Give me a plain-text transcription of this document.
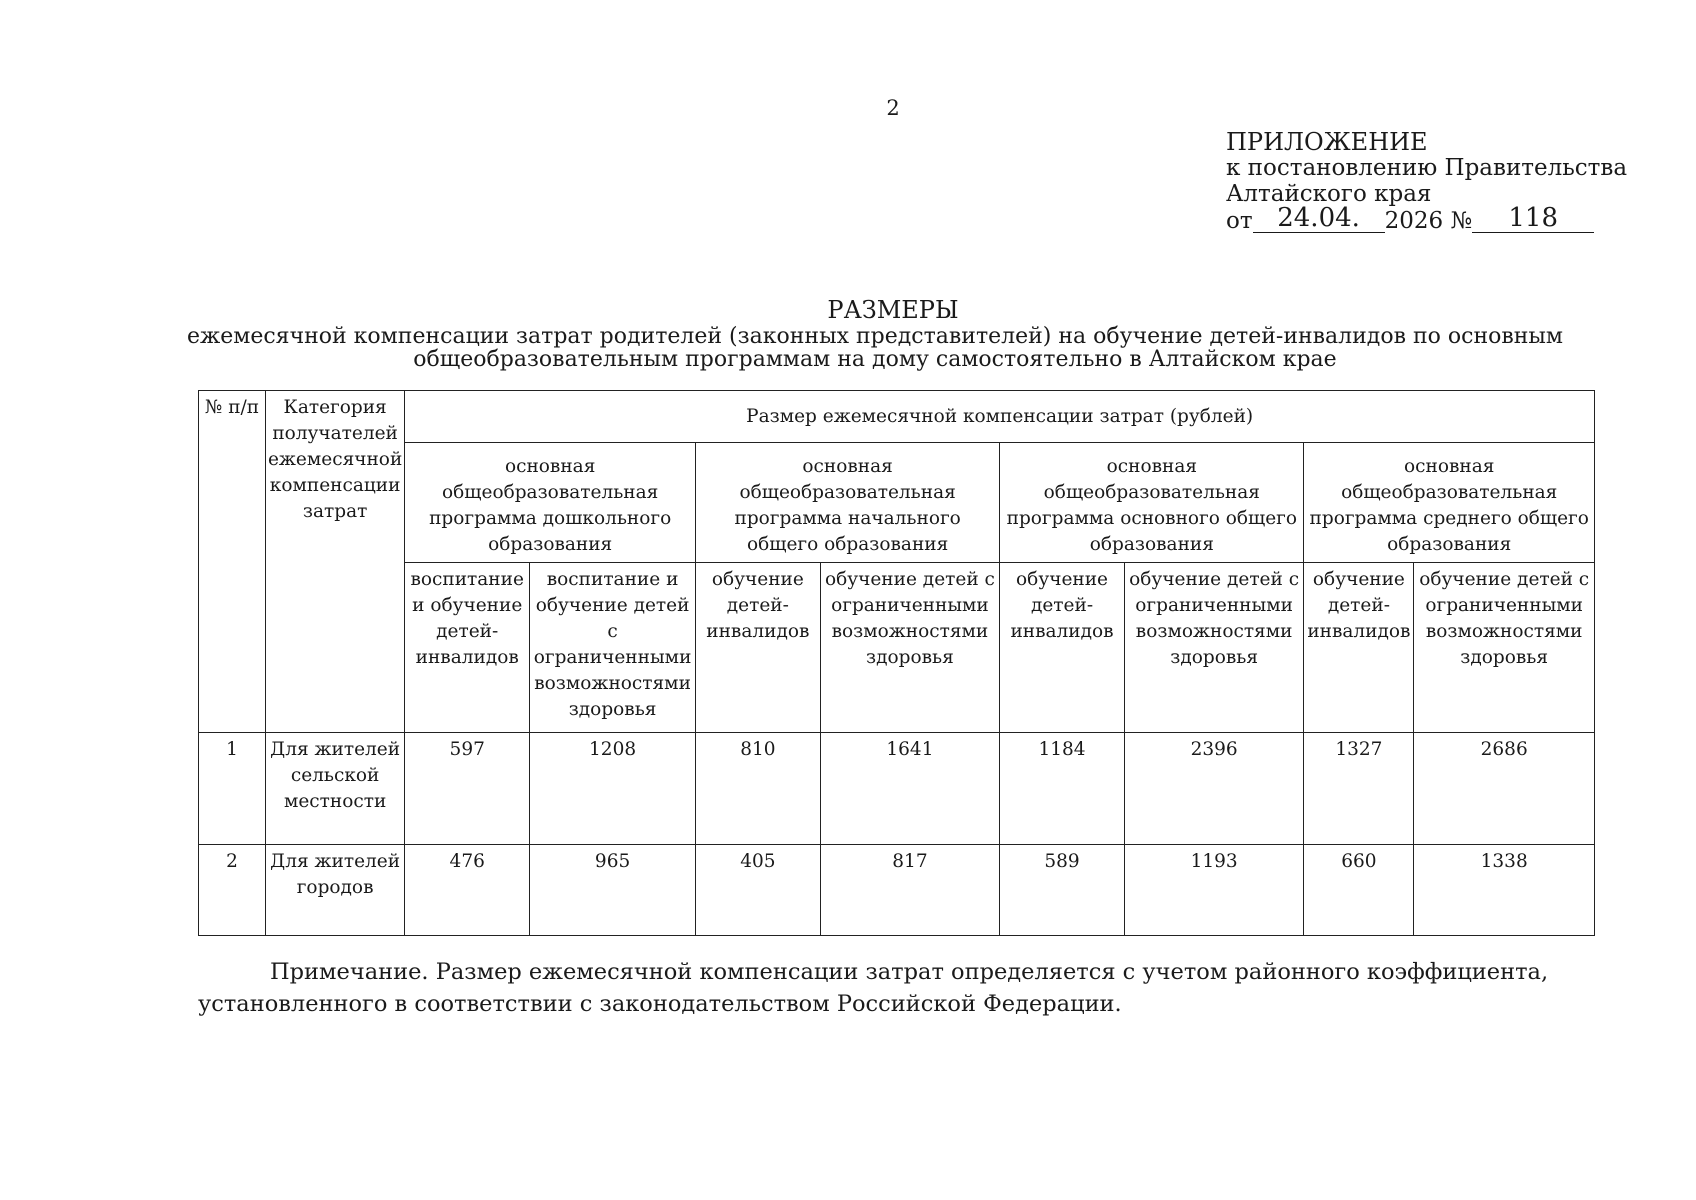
2
ПРИЛОЖЕНИЕ
к постановлению Правительства
Алтайского края
от 24.04.	2026 №	118
РАЗМЕРЫ
ежемесячной компенсации затрат родителей (законных представителей) на обучение детей-инвалидов по основным общеобразовательным программам на дому самостоятельно в Алтайском крае
№ п/п	Категория получателей ежемесячной компенсации затрат	Размер ежемесячной компенсации затрат (рублей)							
		основная общеобразовательная программа дошкольного образования		основная общеобразовательная программа начального общего образования		основная общеобразовательная программа основного общего образования		основная общеобразовательная программа среднего общего образования	
		воспитание и обучение детей-инвалидов	воспитание и обучение детей с ограниченными возможностями здоровья	обучение детей-инвалидов	обучение детей с ограниченными возможностями здоровья	обучение детей-инвалидов	обучение детей с ограниченными возможностями здоровья	обучение детей-инвалидов	обучение детей с ограниченными возможностями здоровья
1	Для жителей сельской местности	597	1208	810	1641	1184	2396	1327	2686
2	Для жителей городов	476	965	405	817	589	1193	660	1338
Примечание. Размер ежемесячной компенсации затрат определяется с учетом районного коэффициента,
установленного в соответствии с законодательством Российской Федерации.
